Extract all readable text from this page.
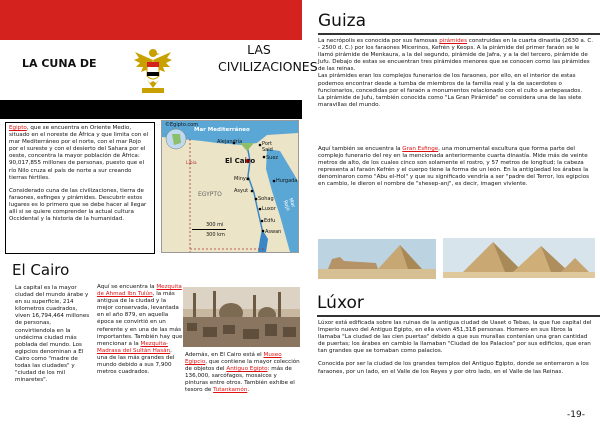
LA CUNA DE
LAS CIVILIZACIONES

Egipto, que se encuentra en Oriente Medio, situado en el noreste de África y que limita con el mar Mediterráneo por el norte, con el mar Rojo por el sureste y con el desierto del Sahara por el oeste, concentra la mayor población de África: 90,017,855 millones de personas, puesto que el río Nilo cruza el país de norte a sur creando tierras fértiles.

Considerado cuna de las civilizaciones, tierra de faraones, esfinges y pirámides. Descubrir estos lugares es lo primero que se debe hacer al llegar allí si se quiere comprender la actual cultura Occidental y la historia de la humanidad.

©Egipto.com
Mar Mediterráneo
Alejandría	Port Said
Suez
El Cairo
Hurgada
Minya
Asyut
Sohag
Luxor
Edfu
Aswan
EGYPTO
Mar Rojo
Libia
300 mi
300 km
El Cairo

La capital es la mayor ciudad del mundo árabe y en su superficie, 214 kilometros cuadrados, viven 16,794,464 millones de personas, convirtiendola en la undécima ciudad más poblada del mundo. Los egipcios denominan a El Cairo como "madre de todas las ciudades" y "ciudad de los mil minaretes".

Aquí se encuentra la Mezquita de Ahmad Ibn Tulún, la más antigua de la ciudad y la mejor conservada, levantada en el año 879, en aquella época se convirtió en un referente y en una de las más importantes. También hay que mencionar a la Mezquita-Madrasa del Sultán Hasán, una de las más grandes del mundo debido a sus 7,900 metros cuadrados.

Además, en El Cairo está el Museo Egipcio, que contiene la mayor colección de objetos del Antiguo Egipto: más de 136,000, sarcófagos, mosaicos y pinturas entre otros. También exhibe el tesoro de Tutankamón.

Guiza

La necrópolis es conocida por sus famosas pirámides construidas en la cuarta dinastía (2630 a. C. - 2500 d. C.) por los faraones Micerinos, Kefrén y Keops. A la pirámide del primer faraón se le llamó pirámide de Menkaura, a la del segundo, pirámide de Jafra, y a la del tercero, pirámide de Jufu. Debajo de estas se encuentran tres pirámides menores que se conocen como las pirámides de las reinas.

Las pirámides eran los complejos funerarios de los faraones, por ello, en el interior de estas podemos encontrar desde a tumba de miembros de la familia real y la de sacerdotes o funcionarios, concedidas por el faraón a monumentos relacionado con el culto a antepasados.

La pirámide de Jufu, también conocida como "La Gran Pirámide" se considera una de las siete maravillas del mundo.

Aquí también se encuentra la Gran Esfinge, una monumental escultura que forma parte del complejo funerario del rey en la mencionada anteriormente cuarta dinastía. Mide más de veinte metros de alto, de los cuales cinco son solamente el rostro, y 57 metros de longitud; la cabeza representa al faraón Kefrén y el cuerpo tiene la forma de un león. En la antigüedad los árabes la denominaron como "Abu el-Hol" y que su significado vendría a ser "padre del Terror, los egipcios en cambio, le dieron el nombre de "shesep-anj", es decir, imagen viviente.

Lúxor

Lúxor está edificada sobre las ruinas de la antigua ciudad de Uaset o Tebas, la que fue capital del Imperio nuevo del Antiguo Egipto, en ella viven 451,318 personas. Homero en sus libros la llamaba "La ciudad de las cien puertas" debido a que sus murallas contenían una gran cantidad de puertas; los árabes en cambio la llamaban "Ciudad de los Palacios" por sus edificios, que eran tan grandes que se tomaban como palacios.

Conocida por ser la ciudad de los grandes templos del Antiguo Egipto, donde se enterraron a los faraones, por un lado, en el Valle de los Reyes y por otro lado, en el Valle de las Reinas.

-19-
